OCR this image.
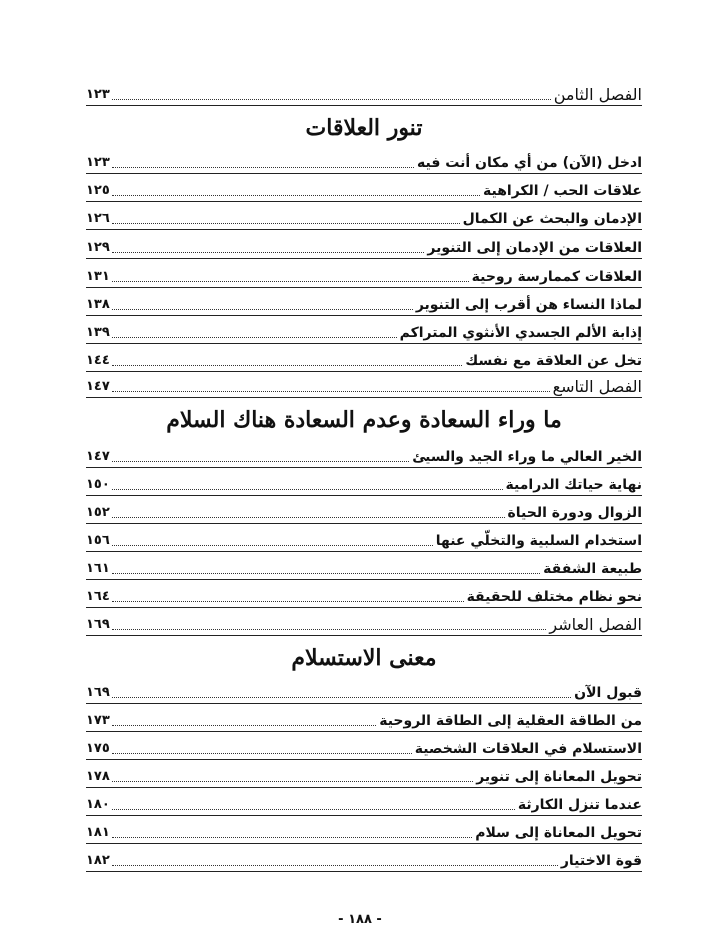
الفصل الثامن
١٢٣
تنور العلاقات
ادخل (الآن) من أي مكان أنت فيه
١٢٣
علاقات الحب / الكراهية
١٢٥
الإدمان والبحث عن الكمال
١٢٦
العلاقات من الإدمان إلى التنوير
١٢٩
العلاقات كممارسة روحية
١٣١
لماذا النساء هن أقرب إلى التنوير
١٣٨
إذابة الألم الجسدي الأنثوي المتراكم
١٣٩
تخل عن العلاقة مع نفسك
١٤٤
الفصل التاسع
١٤٧
ما وراء السعادة وعدم السعادة هناك السلام
الخير العالي ما وراء الجيد والسيئ
١٤٧
نهاية حياتك الدرامية
١٥٠
الزوال ودورة الحياة
١٥٢
استخدام السلبية والتخلّي عنها
١٥٦
طبيعة الشفقة
١٦١
نحو نظام مختلف للحقيقة
١٦٤
الفصل العاشر
١٦٩
معنى الاستسلام
قبول الآن
١٦٩
من الطاقة العقلية إلى الطاقة الروحية
١٧٣
الاستسلام في العلاقات الشخصية
١٧٥
تحويل المعاناة إلى تنوير
١٧٨
عندما تنزل الكارثة
١٨٠
تحويل المعاناة إلى سلام
١٨١
قوة الاختيار
١٨٢
- ١٨٨ -
